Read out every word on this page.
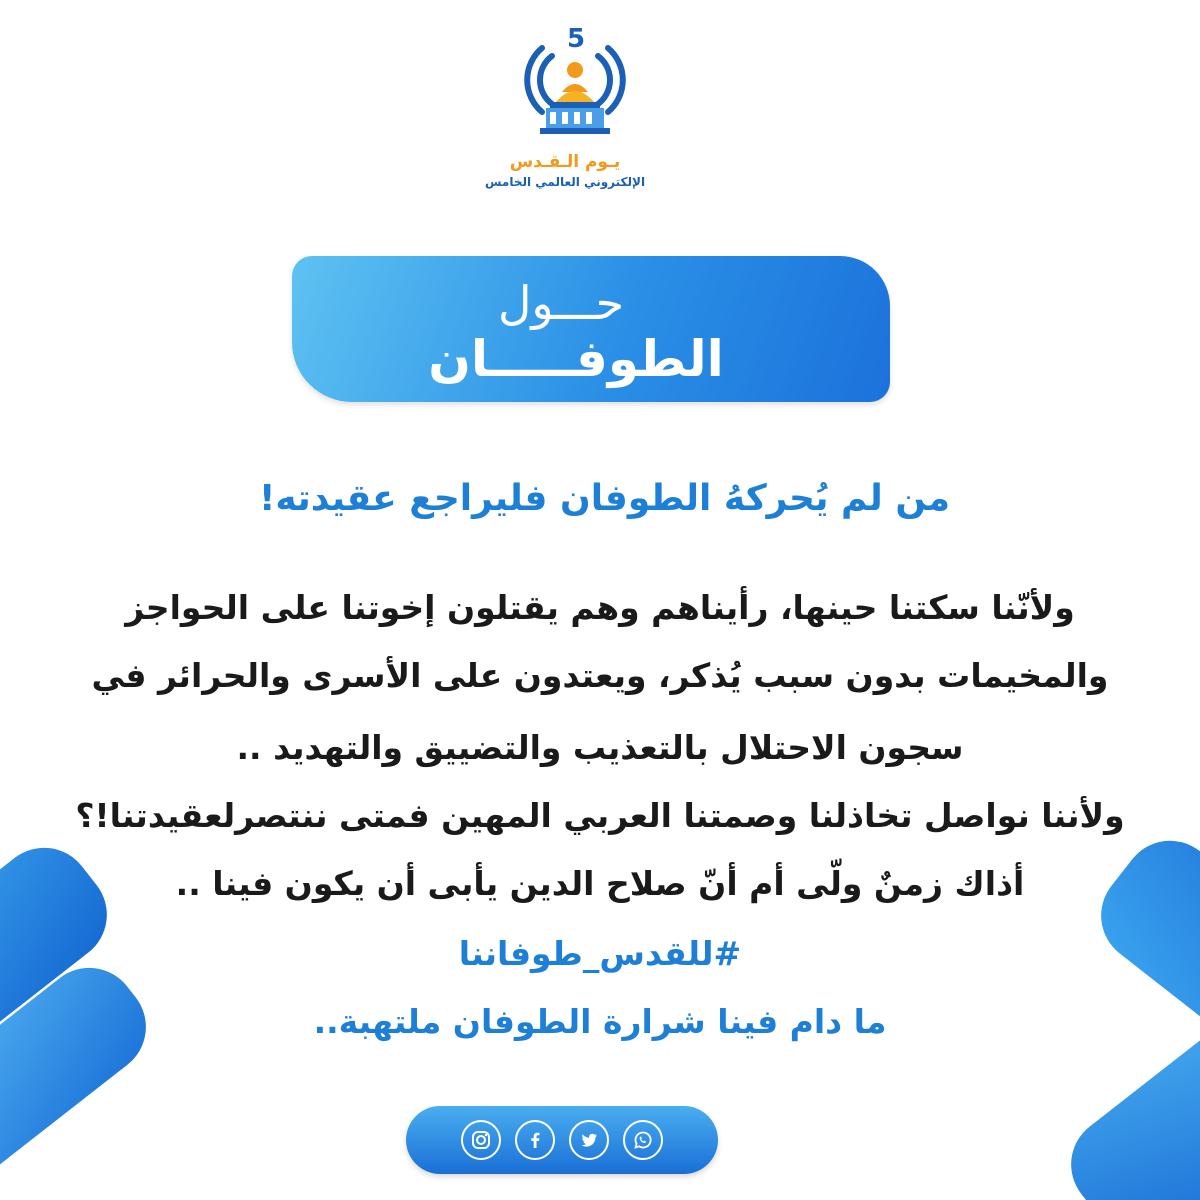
5
يـوم الـقـدس
الإلكتروني العالمي الخامس
حـــول
الطوفـــــان
من لم يُحركهُ الطوفان فليراجع عقيدته!
ولأنّنا سكتنا حينها، رأيناهم وهم يقتلون إخوتنا على الحواجز
والمخيمات بدون سبب يُذكر، ويعتدون على الأسرى والحرائر في
سجون الاحتلال بالتعذيب والتضييق والتهديد ..
ولأننا نواصل تخاذلنا وصمتنا العربي المهين فمتى ننتصرلعقيدتنا!؟
أذاك زمنٌ ولّى أم أنّ صلاح الدين يأبى أن يكون فينا ..
#للقدس_طوفاننا
ما دام فينا شرارة الطوفان ملتهبة..
